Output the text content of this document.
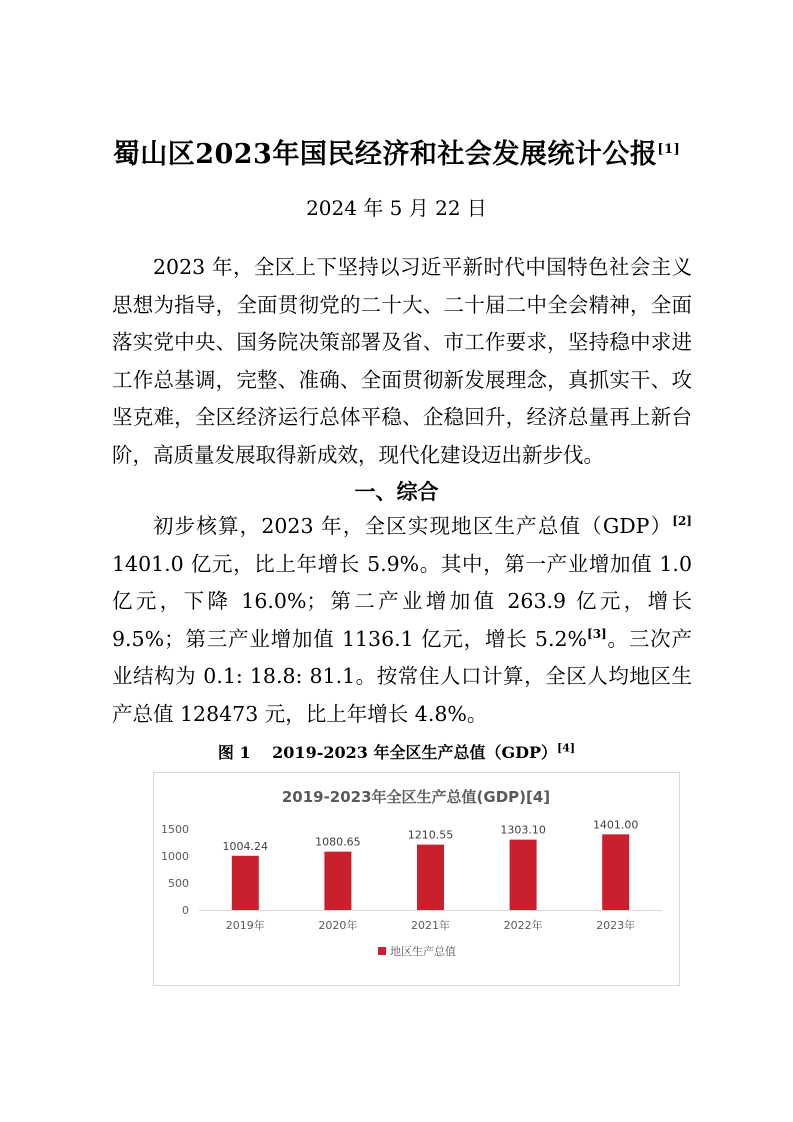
蜀山区2023年国民经济和社会发展统计公报[1]
2024 年 5 月 22 日

2023 年，全区上下坚持以习近平新时代中国特色社会主义思想为指导，全面贯彻党的二十大、二十届二中全会精神，全面落实党中央、国务院决策部署及省、市工作要求，坚持稳中求进工作总基调，完整、准确、全面贯彻新发展理念，真抓实干、攻坚克难，全区经济运行总体平稳、企稳回升，经济总量再上新台阶，高质量发展取得新成效，现代化建设迈出新步伐。

一、综合

初步核算，2023 年，全区实现地区生产总值（GDP）[2] 1401.0 亿元，比上年增长 5.9%。其中，第一产业增加值 1.0 亿元，下降 16.0%；第二产业增加值 263.9 亿元，增长 9.5%；第三产业增加值 1136.1 亿元，增长 5.2%[3]。三次产业结构为 0.1: 18.8: 81.1。按常住人口计算，全区人均地区生产总值 128473 元，比上年增长 4.8%。

图 1　 2019-2023 年全区生产总值（GDP）[4]
2019-2023年全区生产总值(GDP)[4]
0
500
1000
1500
1004.24
2019年
1080.65
2020年
1210.55
2021年
1303.10
2022年
1401.00
2023年
地区生产总值
